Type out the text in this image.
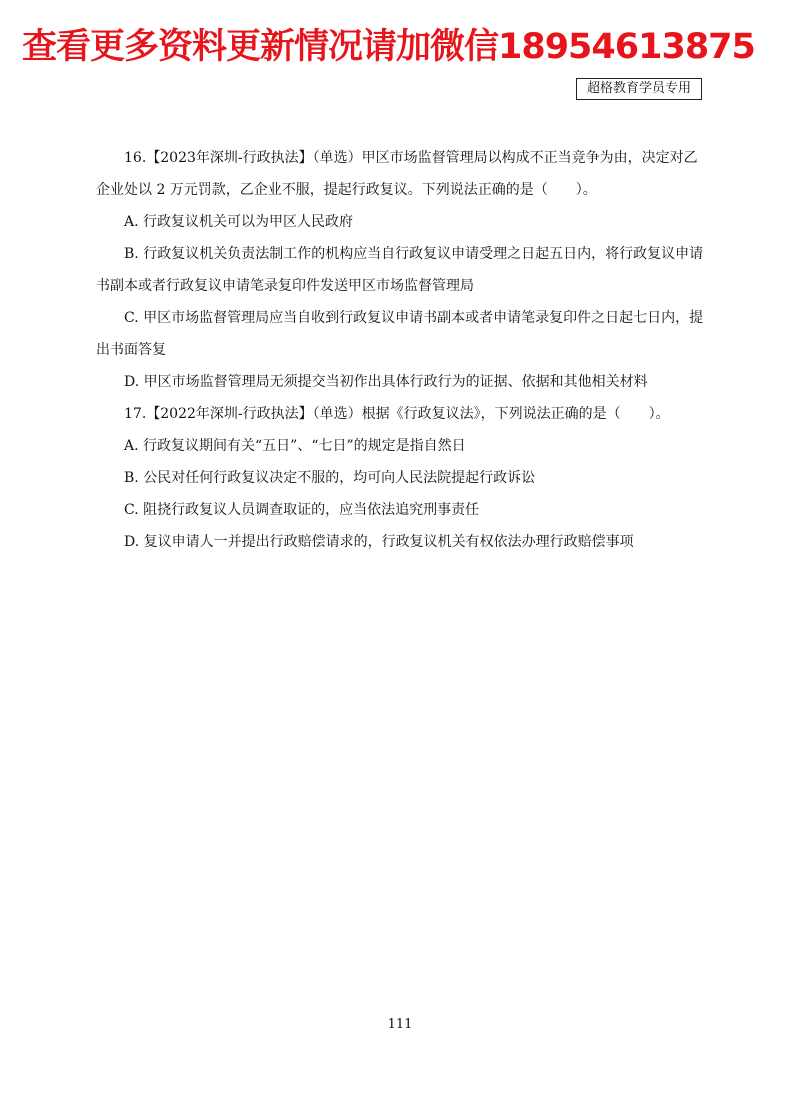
查看更多资料更新情况请加微信18954613875
超格教育学员专用

16.【2023年深圳-行政执法】（单选）甲区市场监督管理局以构成不正当竞争为由，决定对乙企业处以 2 万元罚款，乙企业不服，提起行政复议。下列说法正确的是（　　）。

A. 行政复议机关可以为甲区人民政府

B. 行政复议机关负责法制工作的机构应当自行政复议申请受理之日起五日内，将行政复议申请书副本或者行政复议申请笔录复印件发送甲区市场监督管理局

C. 甲区市场监督管理局应当自收到行政复议申请书副本或者申请笔录复印件之日起七日内，提出书面答复

D. 甲区市场监督管理局无须提交当初作出具体行政行为的证据、依据和其他相关材料

17.【2022年深圳-行政执法】（单选）根据《行政复议法》，下列说法正确的是（　　）。

A. 行政复议期间有关“五日”、“七日”的规定是指自然日

B. 公民对任何行政复议决定不服的，均可向人民法院提起行政诉讼

C. 阻挠行政复议人员调查取证的，应当依法追究刑事责任

D. 复议申请人一并提出行政赔偿请求的，行政复议机关有权依法办理行政赔偿事项

111
